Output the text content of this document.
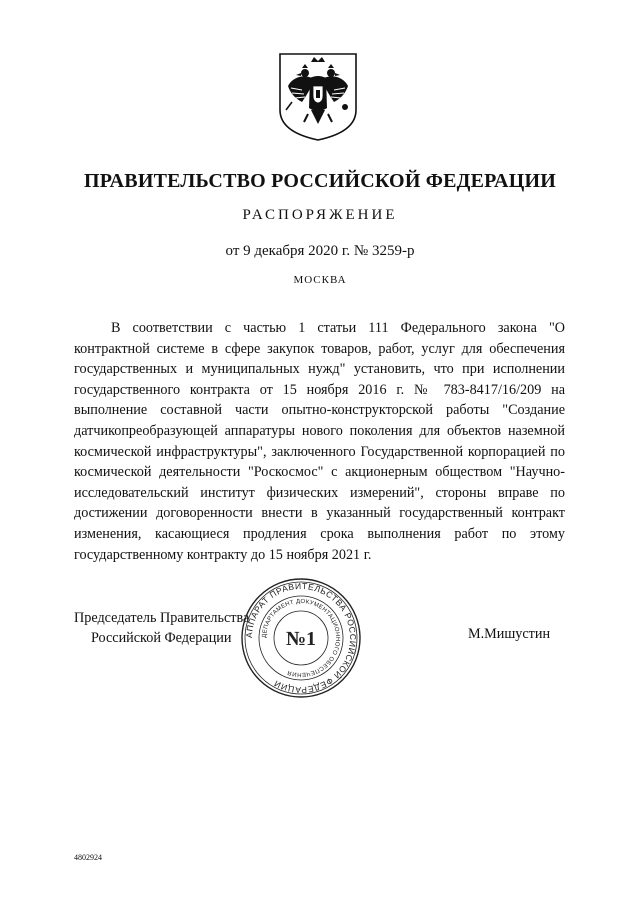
ПРАВИТЕЛЬСТВО РОССИЙСКОЙ ФЕДЕРАЦИИ
РАСПОРЯЖЕНИЕ
от 9 декабря 2020 г. № 3259-р
МОСКВА

В соответствии с частью 1 статьи 111 Федерального закона "О контрактной системе в сфере закупок товаров, работ, услуг для обеспечения государственных и муниципальных нужд" установить, что при исполнении государственного контракта от 15 ноября 2016 г. № 783-8417/16/209 на выполнение составной части опытно-конструкторской работы "Создание датчикопреобразующей аппаратуры нового поколения для объектов наземной космической инфраструктуры", заключенного Государственной корпорацией по космической деятельности "Роскосмос" с акционерным обществом "Научно-исследовательский институт физических измерений", стороны вправе по достижении договоренности внести в указанный государственный контракт изменения, касающиеся продления срока выполнения работ по этому государственному контракту до 15 ноября 2021 г.

Председатель Правительства
Российской Федерации	М.Мишустин
АППАРАТ ПРАВИТЕЛЬСТВА РОССИЙСКОЙ ФЕДЕРАЦИИ
ДЕПАРТАМЕНТ ДОКУМЕНТАЦИОННОГО ОБЕСПЕЧЕНИЯ
№1
4802924
